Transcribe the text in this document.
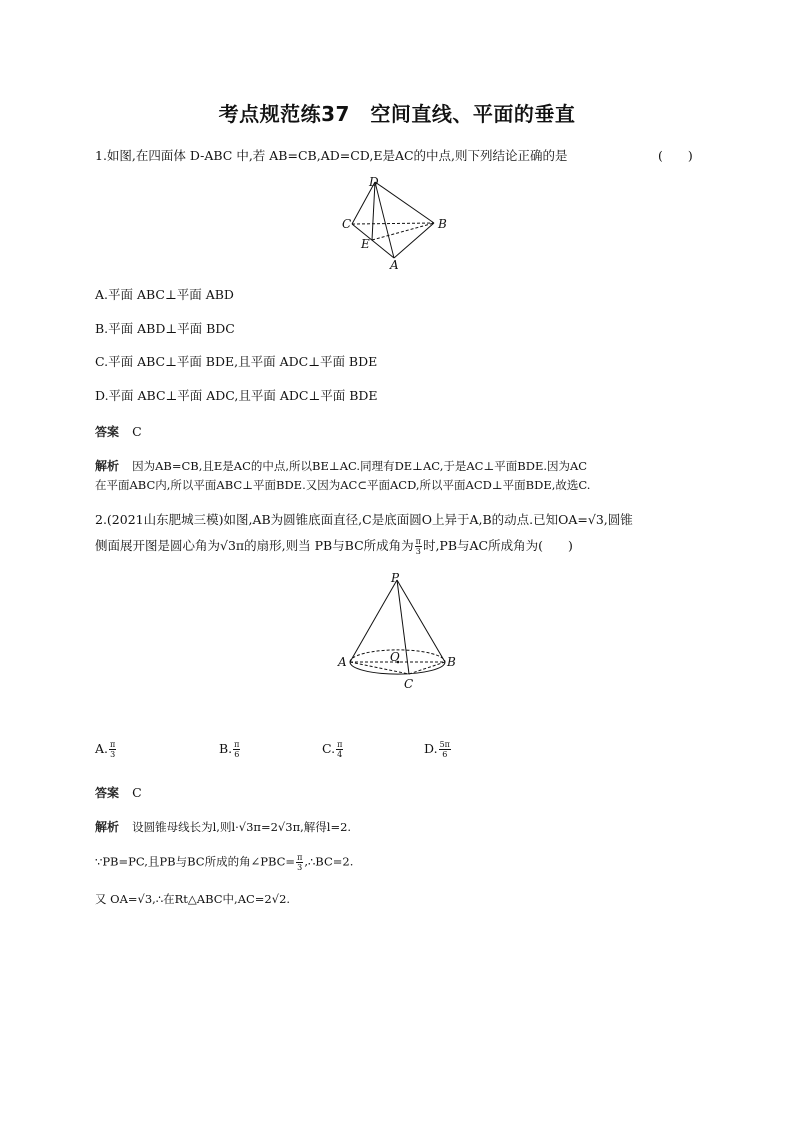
考点规范练37　空间直线、平面的垂直
1.如图,在四面体 D-ABC 中,若 AB=CB,AD=CD,E是AC的中点,则下列结论正确的是	(　　)
D
C	B
E
A
A.平面 ABC⊥平面 ABD
B.平面 ABD⊥平面 BDC
C.平面 ABC⊥平面 BDE,且平面 ADC⊥平面 BDE
D.平面 ABC⊥平面 ADC,且平面 ADC⊥平面 BDE
答案 C
解析 因为AB=CB,且E是AC的中点,所以BE⊥AC.同理有DE⊥AC,于是AC⊥平面BDE.因为AC
在平面ABC内,所以平面ABC⊥平面BDE.又因为AC⊂平面ACD,所以平面ACD⊥平面BDE,故选C.
2.(2021山东肥城三模)如图,AB为圆锥底面直径,C是底面圆O上异于A,B的动点.已知OA=√3,圆锥
侧面展开图是圆心角为√3π的扇形,则当 PB与BC所成角为 $\frac{\pi}{3}$ 时,PB与AC所成角为(　　)
P
A	B
O
C
A. $\frac{\pi}{3}$	B. $\frac{\pi}{6}$	C. $\frac{\pi}{4}$	D. $\frac{5\pi}{6}$
答案 C
解析 设圆锥母线长为l,则l·√3π=2√3π,解得l=2.
∵PB=PC,且PB与BC所成的角∠PBC= $\frac{\pi}{3}$ ,∴BC=2.
又 OA=√3,∴在Rt△ABC中,AC=2√2.
